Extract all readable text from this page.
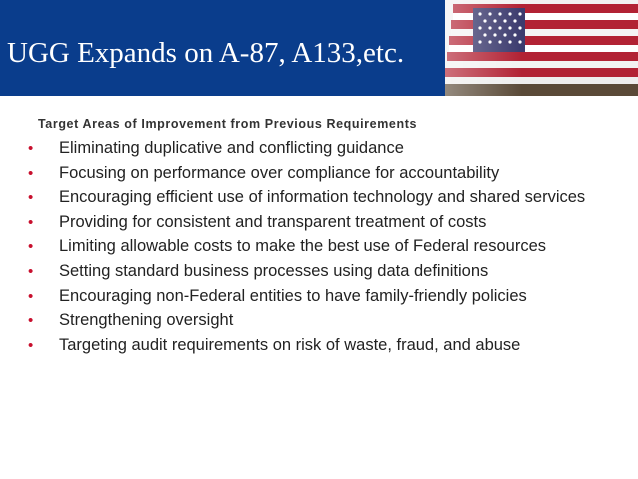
UGG Expands on A-87, A133,etc.
Target Areas of Improvement from Previous Requirements
• Eliminating duplicative and conflicting guidance
• Focusing on performance over compliance for accountability
• Encouraging efficient use of information technology and shared services
• Providing for consistent and transparent treatment of costs
• Limiting allowable costs to make the best use of Federal resources
• Setting standard business processes using data definitions
• Encouraging non-Federal entities to have family-friendly policies
• Strengthening oversight
• Targeting audit requirements on risk of waste, fraud, and abuse
